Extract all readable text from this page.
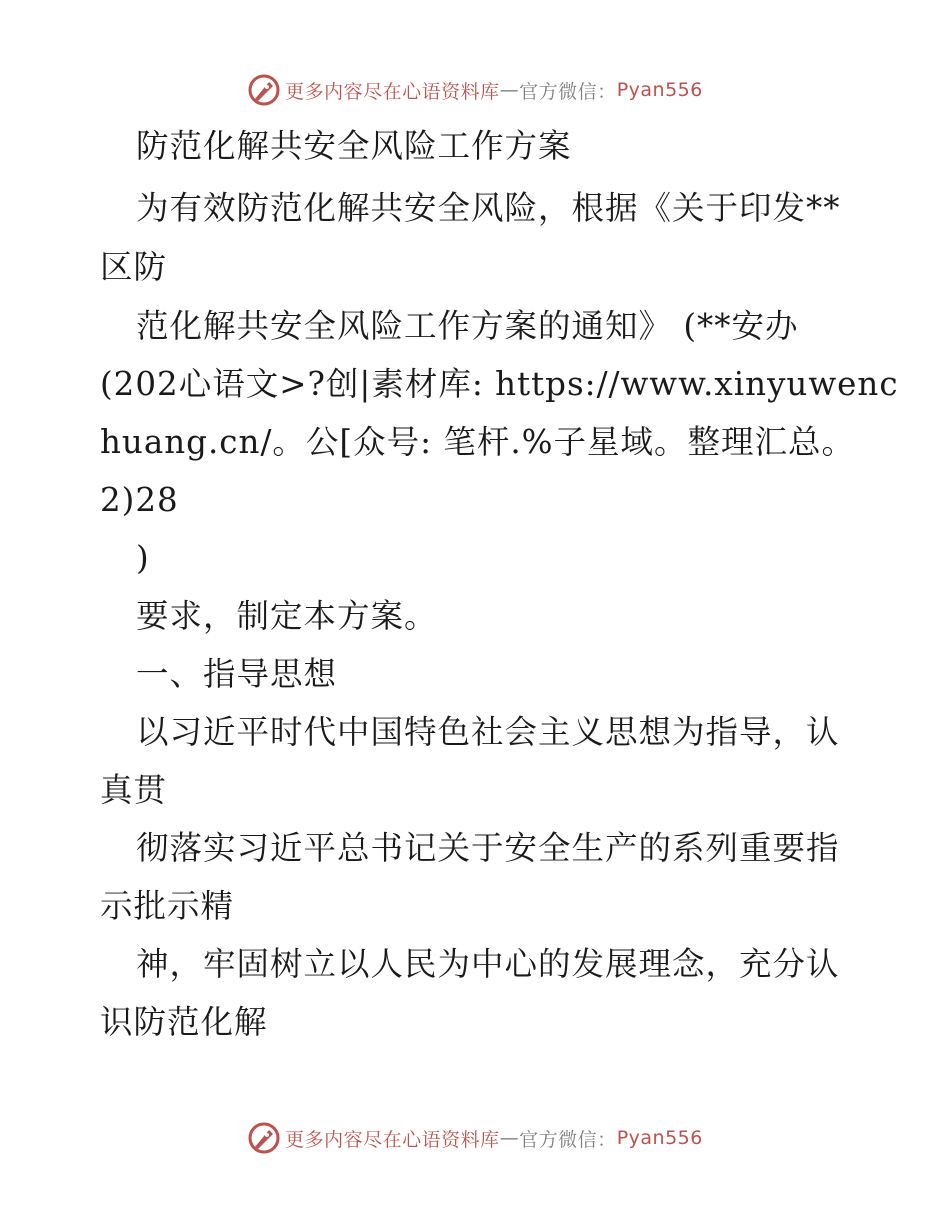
更多内容尽在心语资料库 — 官方微信： Pyan556
防范化解共安全风险工作方案
为有效防范化解共安全风险，根据《关于印发**
区防
范化解共安全风险工作方案的通知》 (**安办
(202心语文>?创|素材库: https://www.xinyuwenc
huang.cn/。公[众号: 笔杆.%子星域。整理汇总。
2)28
)
要求，制定本方案。
一、指导思想
以习近平时代中国特色社会主义思想为指导，认
真贯
彻落实习近平总书记关于安全生产的系列重要指
示批示精
神，牢固树立以人民为中心的发展理念，充分认
识防范化解
更多内容尽在心语资料库 — 官方微信： Pyan556
